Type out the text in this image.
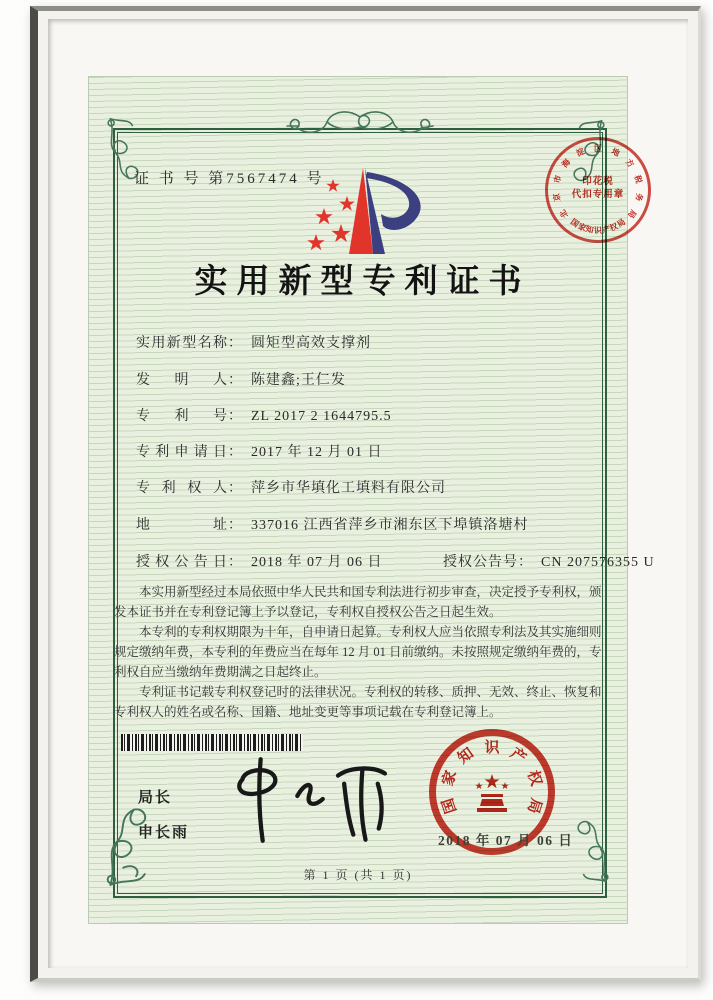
证 书 号 第7567474 号
实用新型专利证书
实用新型名称： 圆矩型高效支撑剂
发明人： 陈建鑫;王仁发
专利号： ZL 2017 2 1644795.5
专利申请日： 2017 年 12 月 01 日
专利权人： 萍乡市华填化工填料有限公司
地址： 337016 江西省萍乡市湘东区下埠镇洛塘村
授权公告日： 2018 年 07 月 06 日	授权公告号： CN 207576355 U

本实用新型经过本局依照中华人民共和国专利法进行初步审查，决定授予专利权，颁发本证书并在专利登记簿上予以登记，专利权自授权公告之日起生效。

本专利的专利权期限为十年，自申请日起算。专利权人应当依照专利法及其实施细则规定缴纳年费，本专利的年费应当在每年 12 月 01 日前缴纳。未按照规定缴纳年费的，专利权自应当缴纳年费期满之日起终止。

专利证书记载专利权登记时的法律状况。专利权的转移、质押、无效、终止、恢复和专利权人的姓名或名称、国籍、地址变更等事项记载在专利登记簿上。

局长
申长雨
国
家
知 识 产
权
局
2018 年 07 月 06 日
第 1 页 (共 1 页)
北
京
市
海
淀 区 地
方
税
务
局
国
家
知 识 产
权
局
印花税
代扣专用章
